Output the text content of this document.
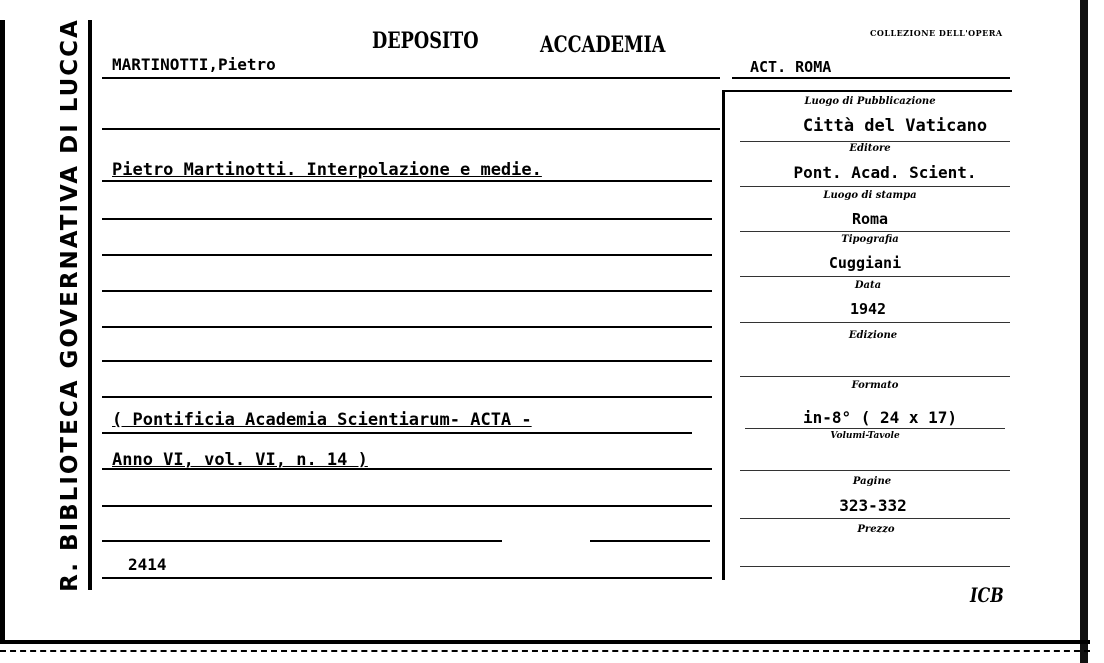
R. BIBLIOTECA GOVERNATIVA DI LUCCA	DEPOSITO	ACCADEMIA
MARTINOTTI,Pietro
COLLEZIONE DELL'OPERA
ACT. ROMA
Pietro Martinotti. Interpolazione e medie.
( Pontificia Academia Scientiarum- ACTA -
Anno VI, vol. VI, n. 14 )
2414
Luogo di Pubblicazione
Città del Vaticano
Editore
Pont. Acad. Scient.
Luogo di stampa
Roma
Tipografia
Cuggiani
Data
1942
Edizione
Formato
in-8° ( 24 x 17)
Volumi-Tavole
Pagine
323-332
Prezzo
ICB
